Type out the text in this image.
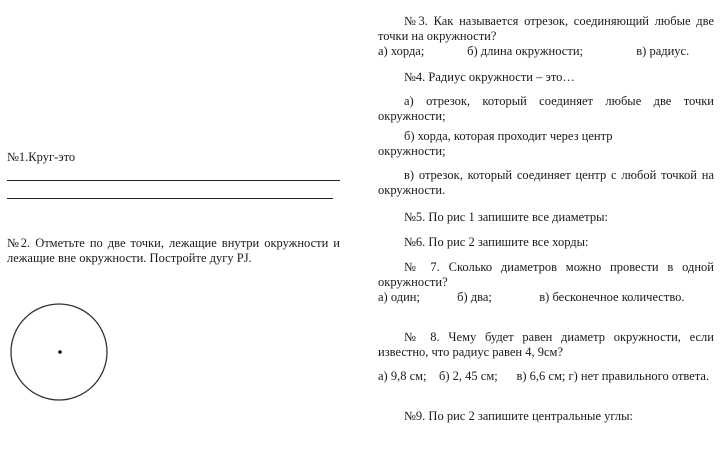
№1.Круг-это
№2. Отметьте по две точки, лежащие внутри окружности и лежащие вне окружности. Постройте дугу PJ.
№3. Как называется отрезок, соединяющий любые две точки на окружности?
а) хорда;	б) длина окружности;	в) радиус.
№4. Радиус окружности – это…
а) отрезок, который соединяет любые две точки окружности;
б) хорда, которая проходит через центр окружности;
в) отрезок, который соединяет центр с любой точкой на окружности.
№5. По рис 1 запишите все диаметры:
№6. По рис 2 запишите все хорды:
№ 7. Сколько диаметров можно провести в одной окружности?
а) один;	б) два;	в) бесконечное количество.
№ 8. Чему будет равен диаметр окружности, если известно, что радиус равен 4, 9см?
а) 9,8 см;    б) 2, 45 см;      в) 6,6 см; г) нет правильного ответа.
№9. По рис 2 запишите центральные углы:
